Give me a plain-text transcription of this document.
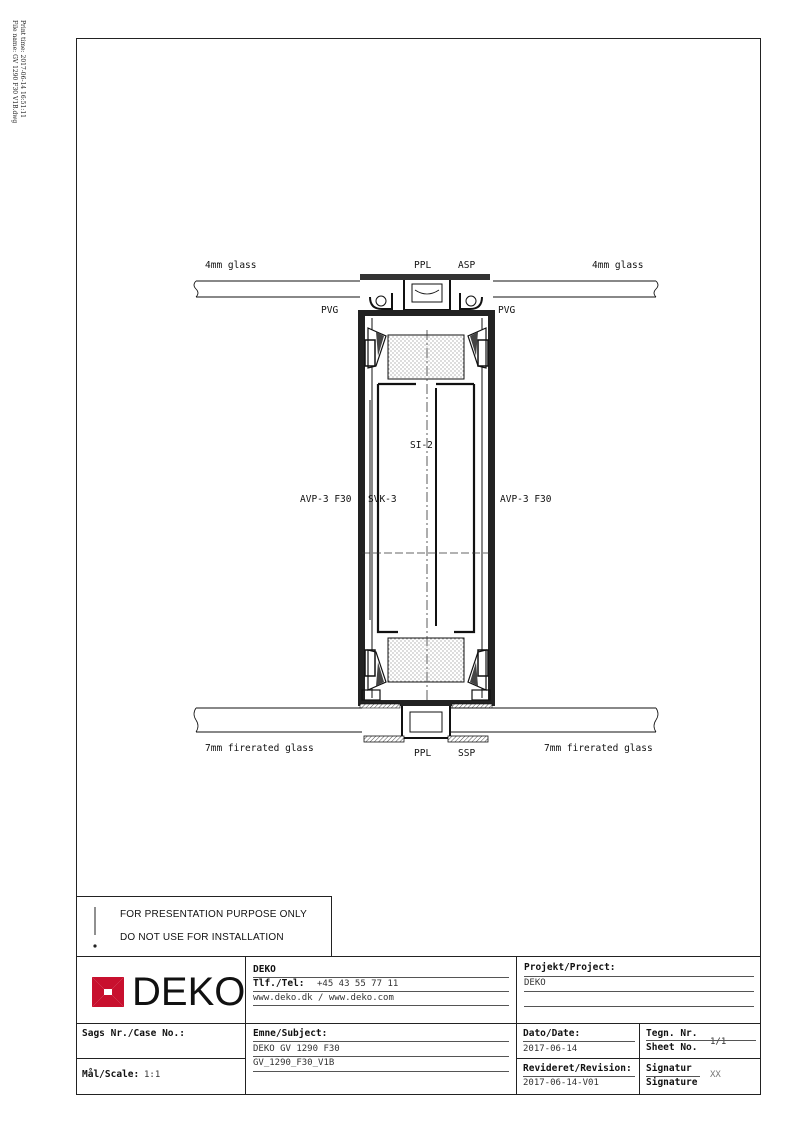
Print time: 2017-06-14 16:51:11
File name: GV 1290 F30 V1B.dwg
4mm glass	PPL	ASP	4mm glass
PVG	PVG
SI-2
AVP-3 F30 SVK-3	AVP-3 F30
7mm firerated glass	PPL	SSP	7mm firerated glass
FOR PRESENTATION PURPOSE ONLY
DO NOT USE FOR INSTALLATION
DEKO
DEKO
Tlf./Tel: +45 43 55 77 11
www.deko.dk / www.deko.com
Projekt/Project:
DEKO
Sags Nr./Case No.:	Emne/Subject:
DEKO GV 1290 F30
GV_1290_F30_V1B
Dato/Date:
2017-06-14
Tegn. Nr.
Sheet No. 1/1
Mål/Scale: 1:1
Revideret/Revision:
2017-06-14-V01
Signatur
Signature
XX
